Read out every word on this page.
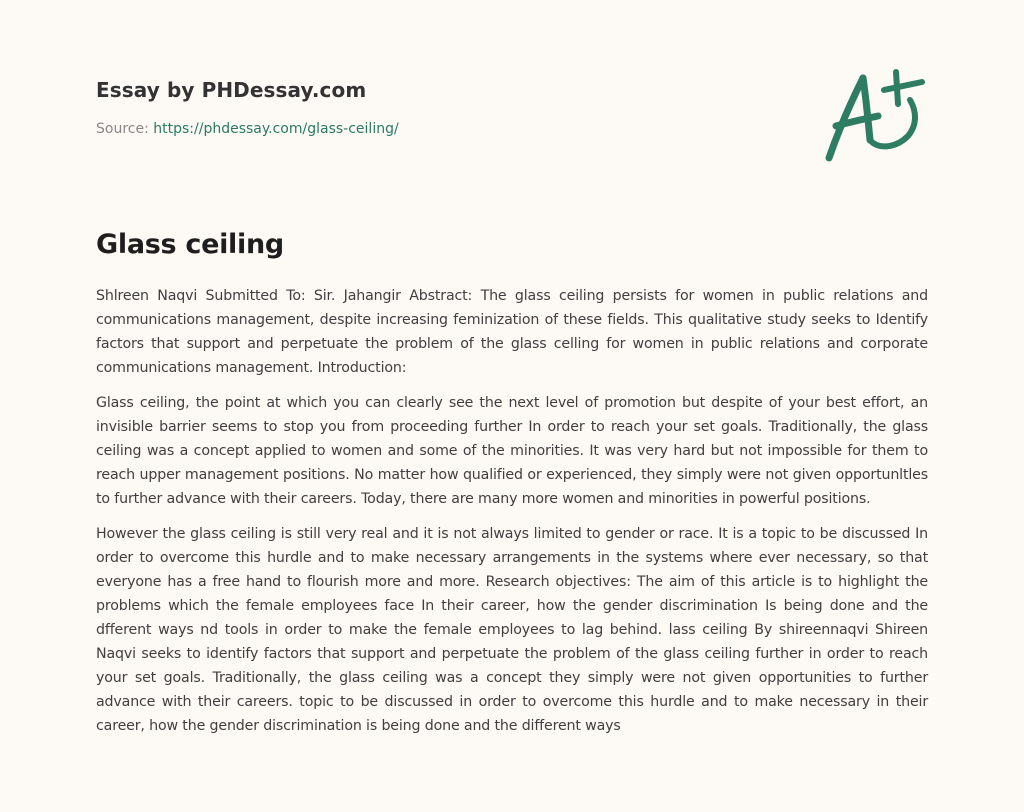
Essay by PHDessay.com
Source: https://phdessay.com/glass-ceiling/
Glass ceiling

Shlreen Naqvi Submitted To: Sir. Jahangir Abstract: The glass ceiling persists for women in public relations and communications management, despite increasing feminization of these fields. This qualitative study seeks to Identify factors that support and perpetuate the problem of the glass celling for women in public relations and corporate communications management. Introduction:

Glass ceiling, the point at which you can clearly see the next level of promotion but despite of your best effort, an invisible barrier seems to stop you from proceeding further In order to reach your set goals. Traditionally, the glass ceiling was a concept applied to women and some of the minorities. It was very hard but not impossible for them to reach upper management positions. No matter how qualified or experienced, they simply were not given opportunltles to further advance with their careers. Today, there are many more women and minorities in powerful positions.

However the glass ceiling is still very real and it is not always limited to gender or race. It is a topic to be discussed In order to overcome this hurdle and to make necessary arrangements in the systems where ever necessary, so that everyone has a free hand to flourish more and more. Research objectives: The aim of this article is to highlight the problems which the female employees face In their career, how the gender discrimination Is being done and the dfferent ways nd tools in order to make the female employees to lag behind. lass ceiling By shireennaqvi Shireen Naqvi seeks to identify factors that support and perpetuate the problem of the glass ceiling further in order to reach your set goals. Traditionally, the glass ceiling was a concept they simply were not given opportunities to further advance with their careers. topic to be discussed in order to overcome this hurdle and to make necessary in their career, how the gender discrimination is being done and the different ways
